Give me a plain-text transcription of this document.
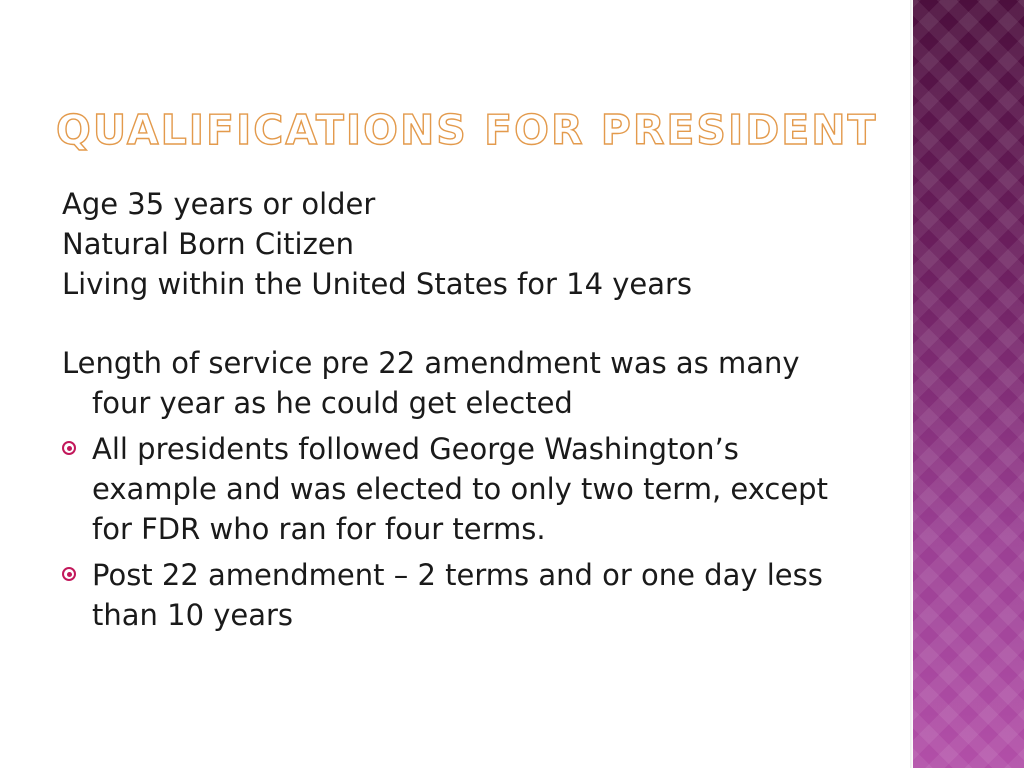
QUALIFICATIONS FOR PRESIDENT

Age 35 years or older

Natural Born Citizen

Living within the United States for 14 years

Length of service pre 22 amendment was as many four year as he could get elected

All presidents followed George Washington’s example and was elected to only two term, except for FDR who ran for four terms.
Post 22 amendment – 2 terms and or one day less than 10 years
